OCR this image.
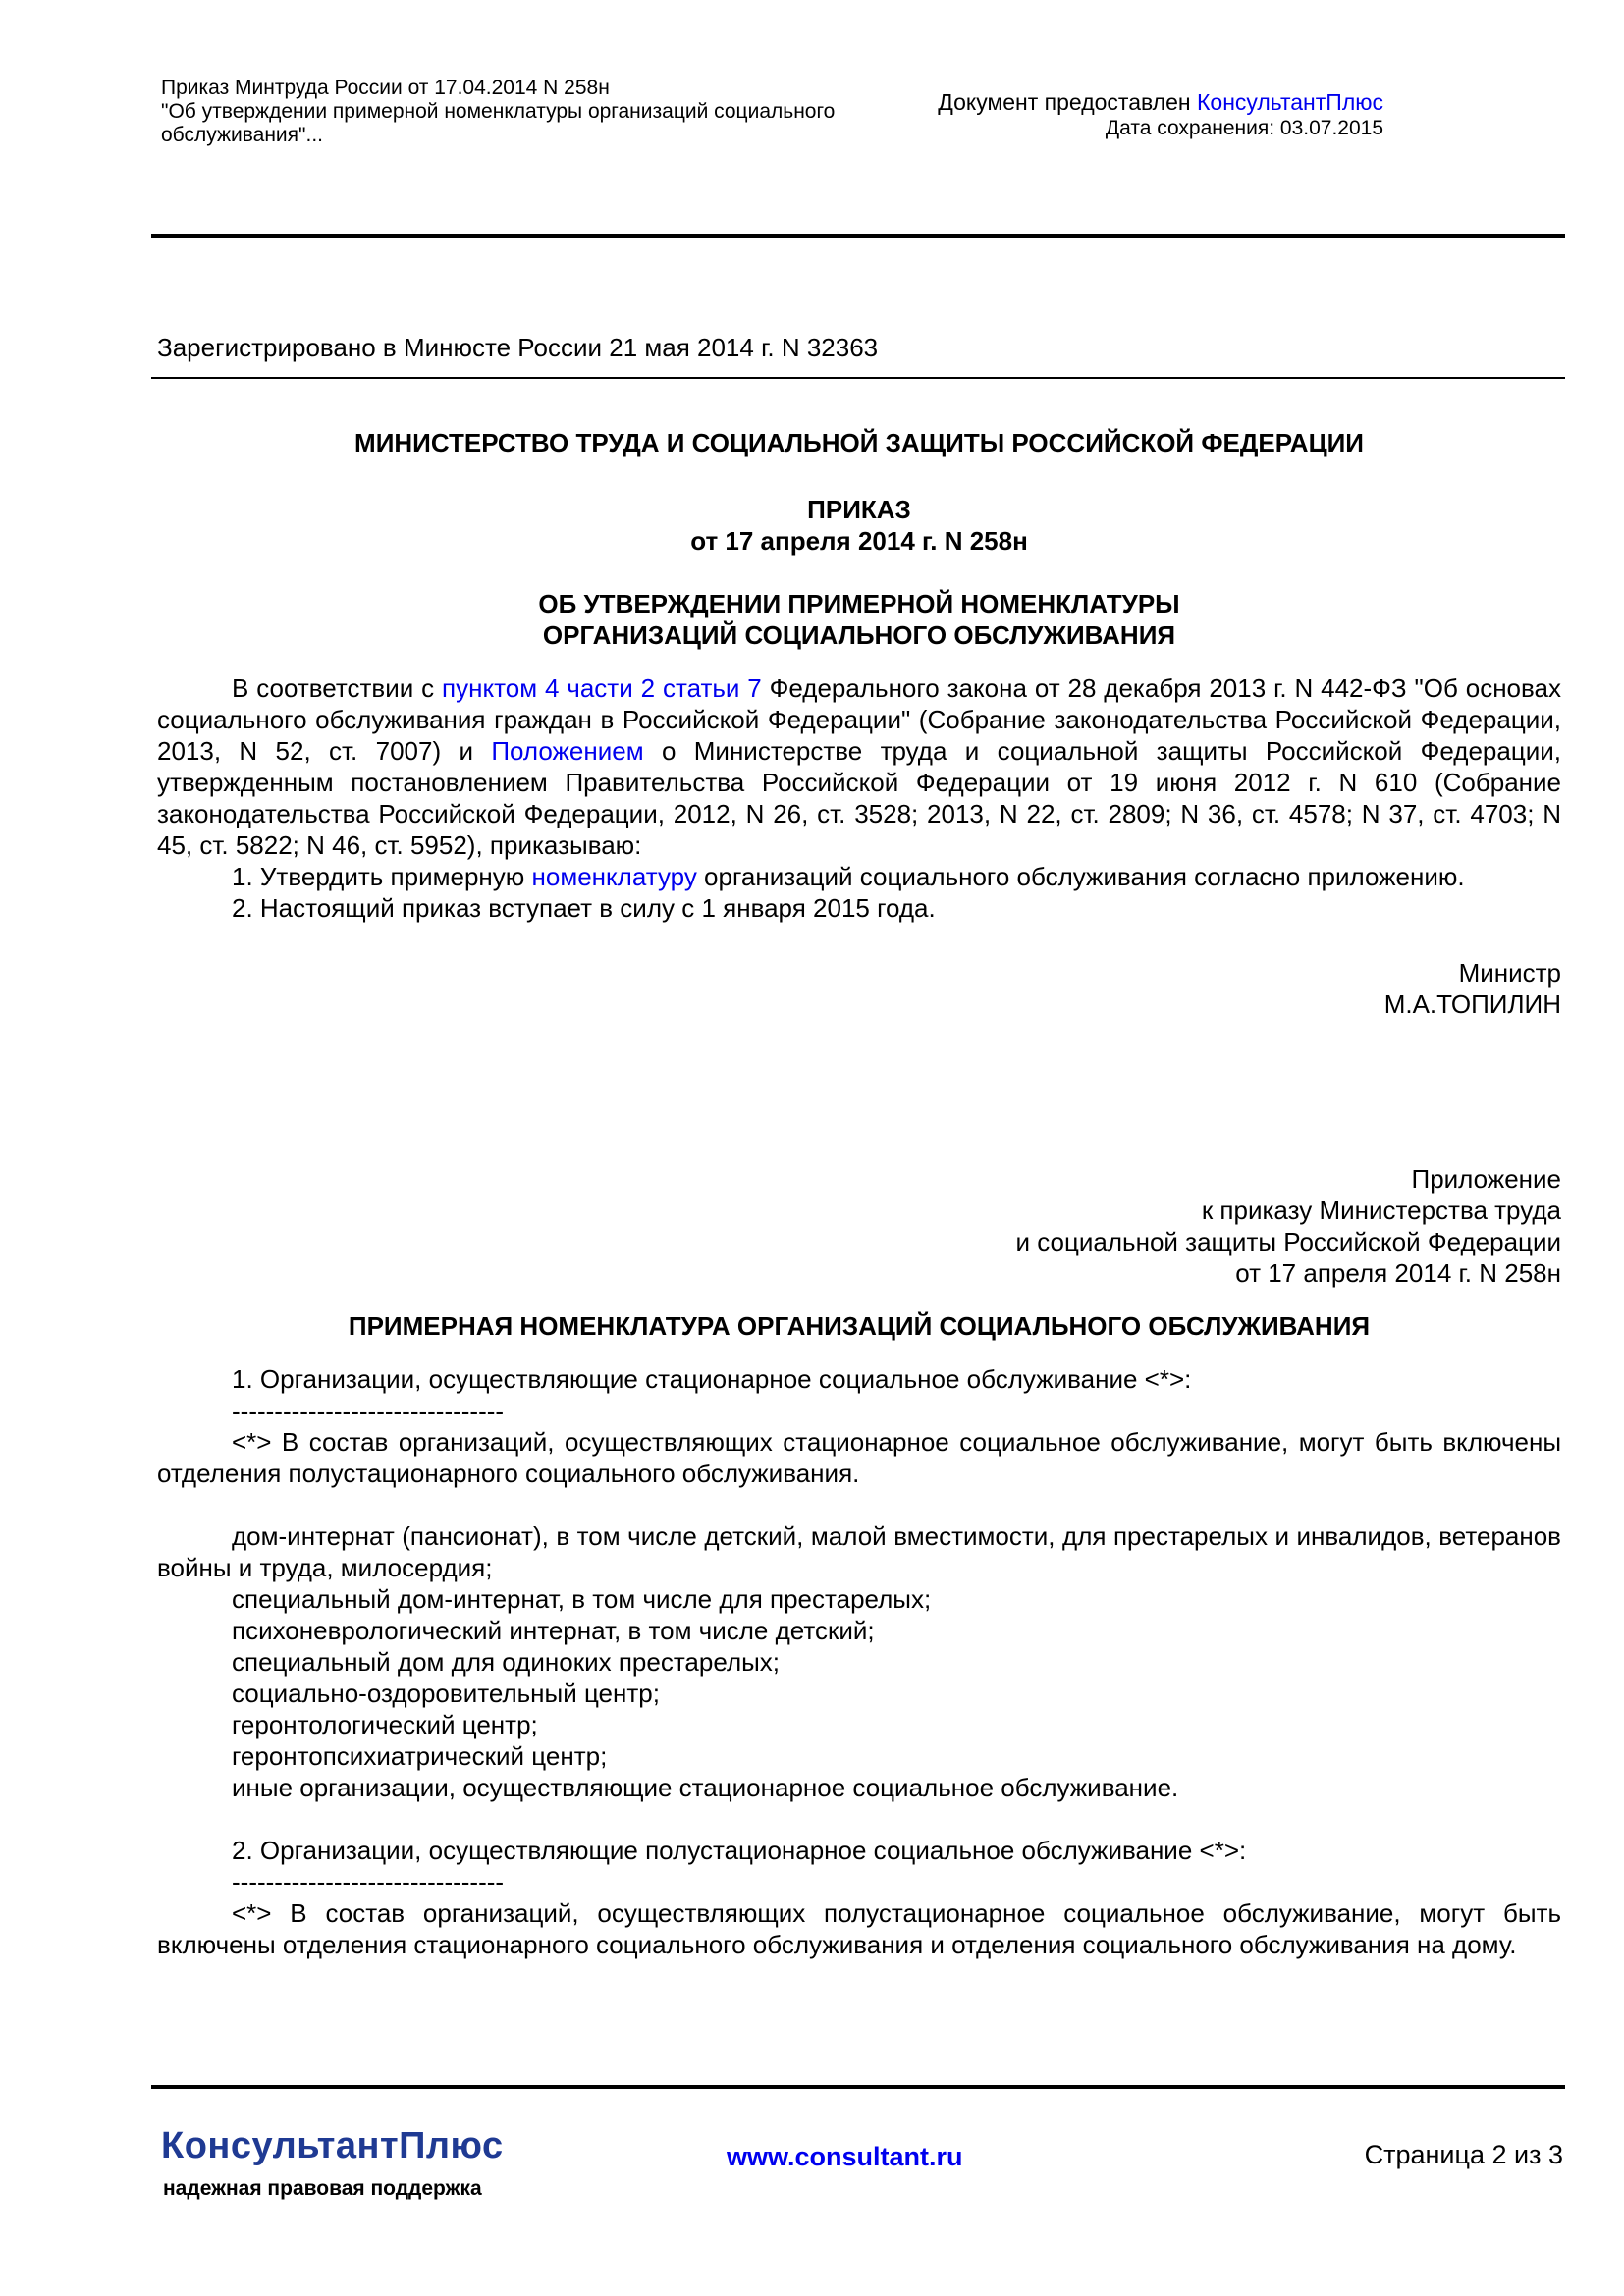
Приказ Минтруда России от 17.04.2014 N 258н
"Об утверждении примерной номенклатуры организаций социального
обслуживания"...
Документ предоставлен КонсультантПлюс
Дата сохранения: 03.07.2015
Зарегистрировано в Минюсте России 21 мая 2014 г. N 32363

МИНИСТЕРСТВО ТРУДА И СОЦИАЛЬНОЙ ЗАЩИТЫ РОССИЙСКОЙ ФЕДЕРАЦИИ

ПРИКАЗ

от 17 апреля 2014 г. N 258н

ОБ УТВЕРЖДЕНИИ ПРИМЕРНОЙ НОМЕНКЛАТУРЫ

ОРГАНИЗАЦИЙ СОЦИАЛЬНОГО ОБСЛУЖИВАНИЯ

В соответствии с пунктом 4 части 2 статьи 7 Федерального закона от 28 декабря 2013 г. N 442-ФЗ "Об основах социального обслуживания граждан в Российской Федерации" (Собрание законодательства Российской Федерации, 2013, N 52, ст. 7007) и Положением о Министерстве труда и социальной защиты Российской Федерации, утвержденным постановлением Правительства Российской Федерации от 19 июня 2012 г. N 610 (Собрание законодательства Российской Федерации, 2012, N 26, ст. 3528; 2013, N 22, ст. 2809; N 36, ст. 4578; N 37, ст. 4703; N 45, ст. 5822; N 46, ст. 5952), приказываю:

1. Утвердить примерную номенклатуру организаций социального обслуживания согласно приложению.

2. Настоящий приказ вступает в силу с 1 января 2015 года.

Министр

М.А.ТОПИЛИН

Приложение

к приказу Министерства труда

и социальной защиты Российской Федерации

от 17 апреля 2014 г. N 258н

ПРИМЕРНАЯ НОМЕНКЛАТУРА ОРГАНИЗАЦИЙ СОЦИАЛЬНОГО ОБСЛУЖИВАНИЯ

1. Организации, осуществляющие стационарное социальное обслуживание <*>:

--------------------------------

<*> В состав организаций, осуществляющих стационарное социальное обслуживание, могут быть включены отделения полустационарного социального обслуживания.

дом-интернат (пансионат), в том числе детский, малой вместимости, для престарелых и инвалидов, ветеранов войны и труда, милосердия;

специальный дом-интернат, в том числе для престарелых;

психоневрологический интернат, в том числе детский;

специальный дом для одиноких престарелых;

социально-оздоровительный центр;

геронтологический центр;

геронтопсихиатрический центр;

иные организации, осуществляющие стационарное социальное обслуживание.

2. Организации, осуществляющие полустационарное социальное обслуживание <*>:

--------------------------------

<*> В состав организаций, осуществляющих полустационарное социальное обслуживание, могут быть включены отделения стационарного социального обслуживания и отделения социального обслуживания на дому.

КонсультантПлюс
надежная правовая поддержка
www.consultant.ru	Страница 2 из 3
